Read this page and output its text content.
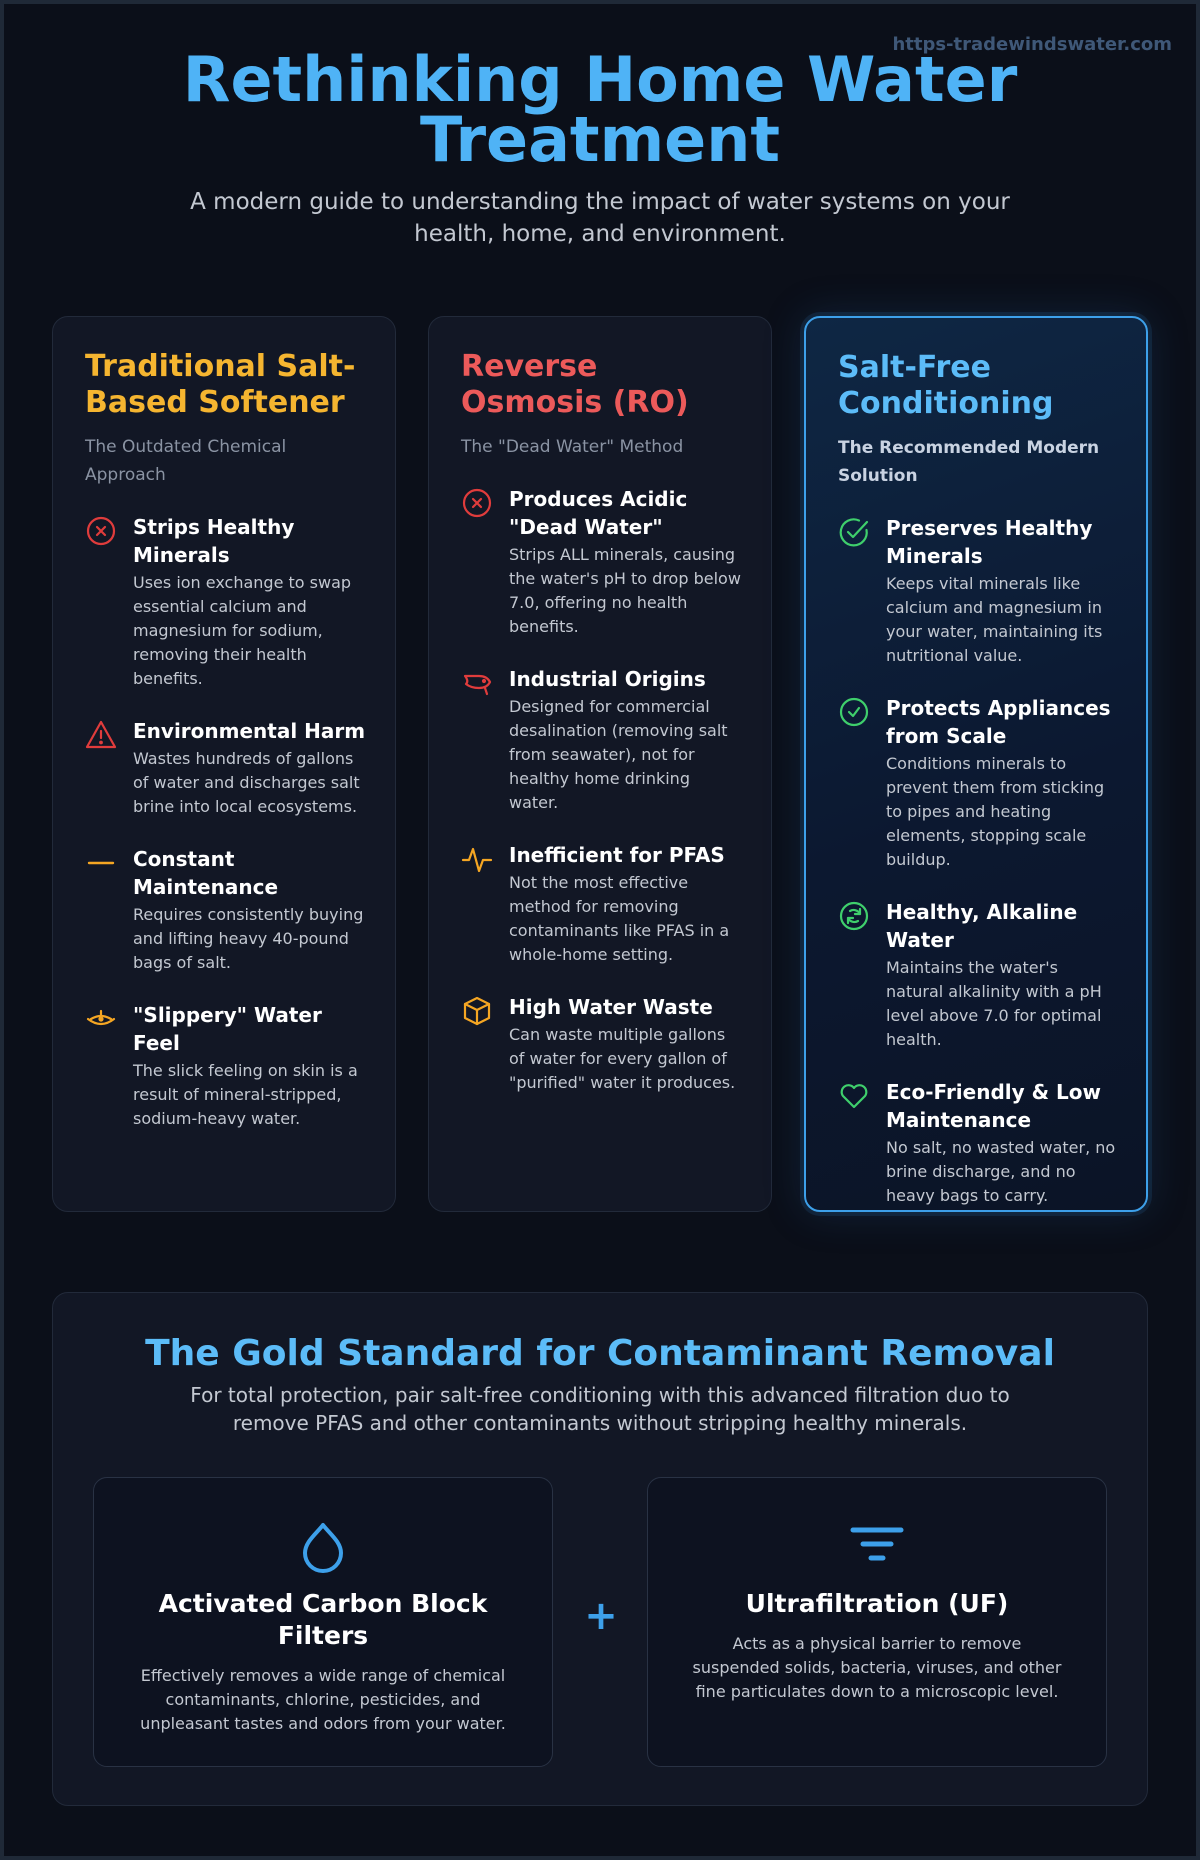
https-tradewindswater.com
Rethinking Home Water Treatment

A modern guide to understanding the impact of water systems on your health, home, and environment.

Traditional Salt-Based Softener
The Outdated Chemical Approach
Strips Healthy Minerals
Uses ion exchange to swap essential calcium and magnesium for sodium, removing their health benefits.
Environmental Harm
Wastes hundreds of gallons of water and discharges salt brine into local ecosystems.
Constant Maintenance
Requires consistently buying and lifting heavy 40-pound bags of salt.
"Slippery" Water Feel
The slick feeling on skin is a result of mineral-stripped, sodium-heavy water.
Reverse Osmosis (RO)
The "Dead Water" Method
Produces Acidic "Dead Water"
Strips ALL minerals, causing the water's pH to drop below 7.0, offering no health benefits.
Industrial Origins
Designed for commercial desalination (removing salt from seawater), not for healthy home drinking water.
Inefficient for PFAS
Not the most effective method for removing contaminants like PFAS in a whole-home setting.
High Water Waste
Can waste multiple gallons of water for every gallon of "purified" water it produces.
Salt-Free Conditioning
The Recommended Modern Solution
Preserves Healthy Minerals
Keeps vital minerals like calcium and magnesium in your water, maintaining its nutritional value.
Protects Appliances from Scale
Conditions minerals to prevent them from sticking to pipes and heating elements, stopping scale buildup.
Healthy, Alkaline Water
Maintains the water's natural alkalinity with a pH level above 7.0 for optimal health.
Eco-Friendly & Low Maintenance
No salt, no wasted water, no brine discharge, and no heavy bags to carry.
The Gold Standard for Contaminant Removal

For total protection, pair salt-free conditioning with this advanced filtration duo to remove PFAS and other contaminants without stripping healthy minerals.

Activated Carbon Block Filters
Effectively removes a wide range of chemical contaminants, chlorine, pesticides, and unpleasant tastes and odors from your water.
+	Ultrafiltration (UF)
Acts as a physical barrier to remove suspended solids, bacteria, viruses, and other fine particulates down to a microscopic level.
